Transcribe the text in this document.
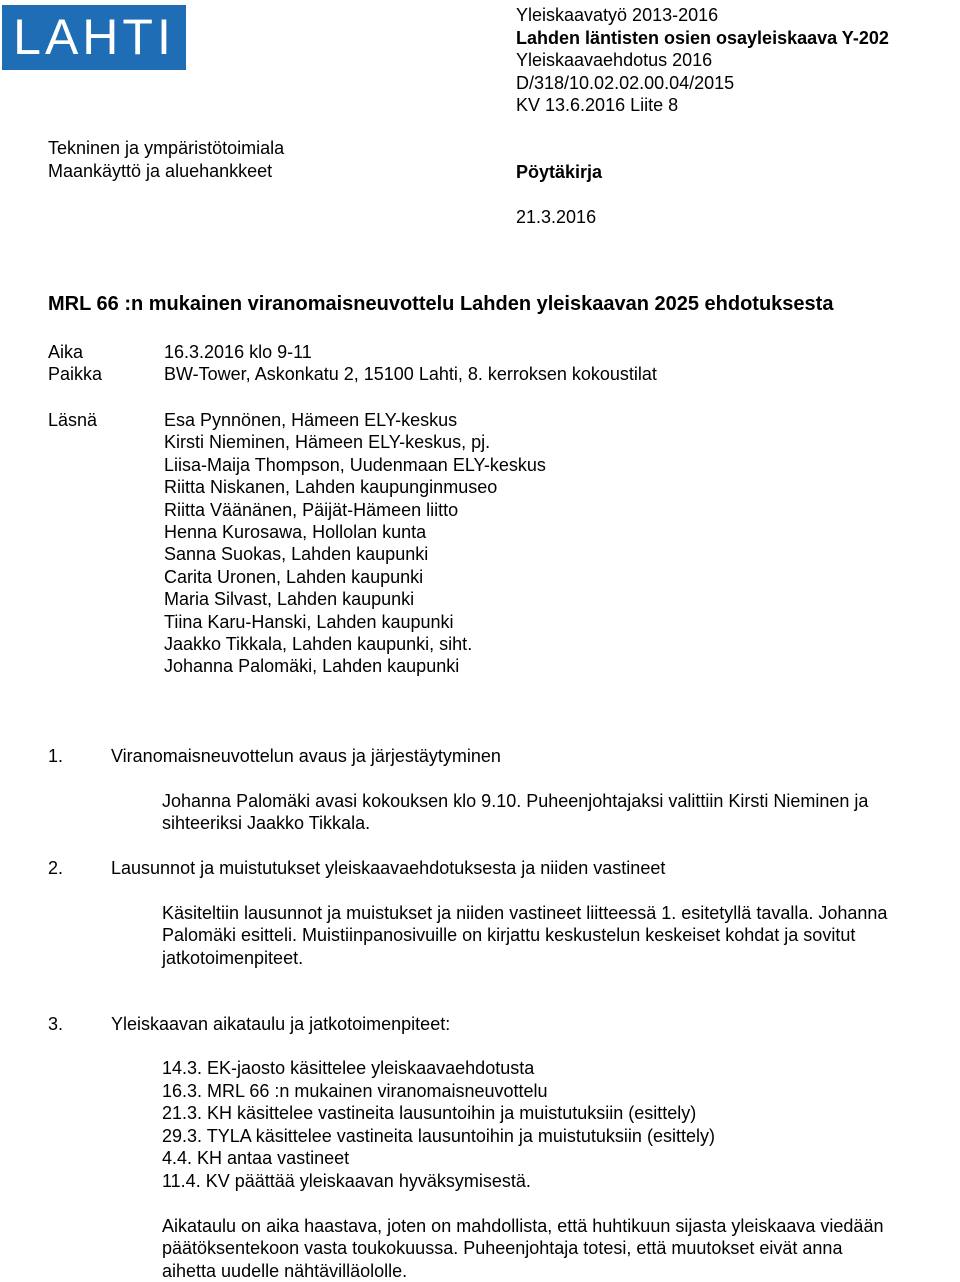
LAHTI	Yleiskaavatyö 2013-2016
Lahden läntisten osien osayleiskaava Y-202
Yleiskaavaehdotus 2016
D/318/10.02.02.00.04/2015
KV 13.6.2016 Liite 8
Pöytäkirja
21.3.2016
Tekninen ja ympäristötoimiala
Maankäyttö ja aluehankkeet
MRL 66 :n mukainen viranomaisneuvottelu Lahden yleiskaavan 2025 ehdotuksesta
Aika	16.3.2016 klo 9-11
Paikka	BW-Tower, Askonkatu 2, 15100 Lahti, 8. kerroksen kokoustilat
Läsnä	Esa Pynnönen, Hämeen ELY-keskus
Kirsti Nieminen, Hämeen ELY-keskus, pj.
Liisa-Maija Thompson, Uudenmaan ELY-keskus
Riitta Niskanen, Lahden kaupunginmuseo
Riitta Väänänen, Päijät-Hämeen liitto
Henna Kurosawa, Hollolan kunta
Sanna Suokas, Lahden kaupunki
Carita Uronen, Lahden kaupunki
Maria Silvast, Lahden kaupunki
Tiina Karu-Hanski, Lahden kaupunki
Jaakko Tikkala, Lahden kaupunki, siht.
Johanna Palomäki, Lahden kaupunki
1.	Viranomaisneuvottelun avaus ja järjestäytyminen
Johanna Palomäki avasi kokouksen klo 9.10. Puheenjohtajaksi valittiin Kirsti Nieminen ja
sihteeriksi Jaakko Tikkala.
2.	Lausunnot ja muistutukset yleiskaavaehdotuksesta ja niiden vastineet
Käsiteltiin lausunnot ja muistukset ja niiden vastineet liitteessä 1. esitetyllä tavalla. Johanna
Palomäki esitteli. Muistiinpanosivuille on kirjattu keskustelun keskeiset kohdat ja sovitut
jatkotoimenpiteet.
3.	Yleiskaavan aikataulu ja jatkotoimenpiteet:
14.3. EK-jaosto käsittelee yleiskaavaehdotusta
16.3. MRL 66 :n mukainen viranomaisneuvottelu
21.3. KH käsittelee vastineita lausuntoihin ja muistutuksiin (esittely)
29.3. TYLA käsittelee vastineita lausuntoihin ja muistutuksiin (esittely)
4.4. KH antaa vastineet
11.4. KV päättää yleiskaavan hyväksymisestä.
Aikataulu on aika haastava, joten on mahdollista, että huhtikuun sijasta yleiskaava viedään
päätöksentekoon vasta toukokuussa. Puheenjohtaja totesi, että muutokset eivät anna
aihetta uudelle nähtävilläololle.
